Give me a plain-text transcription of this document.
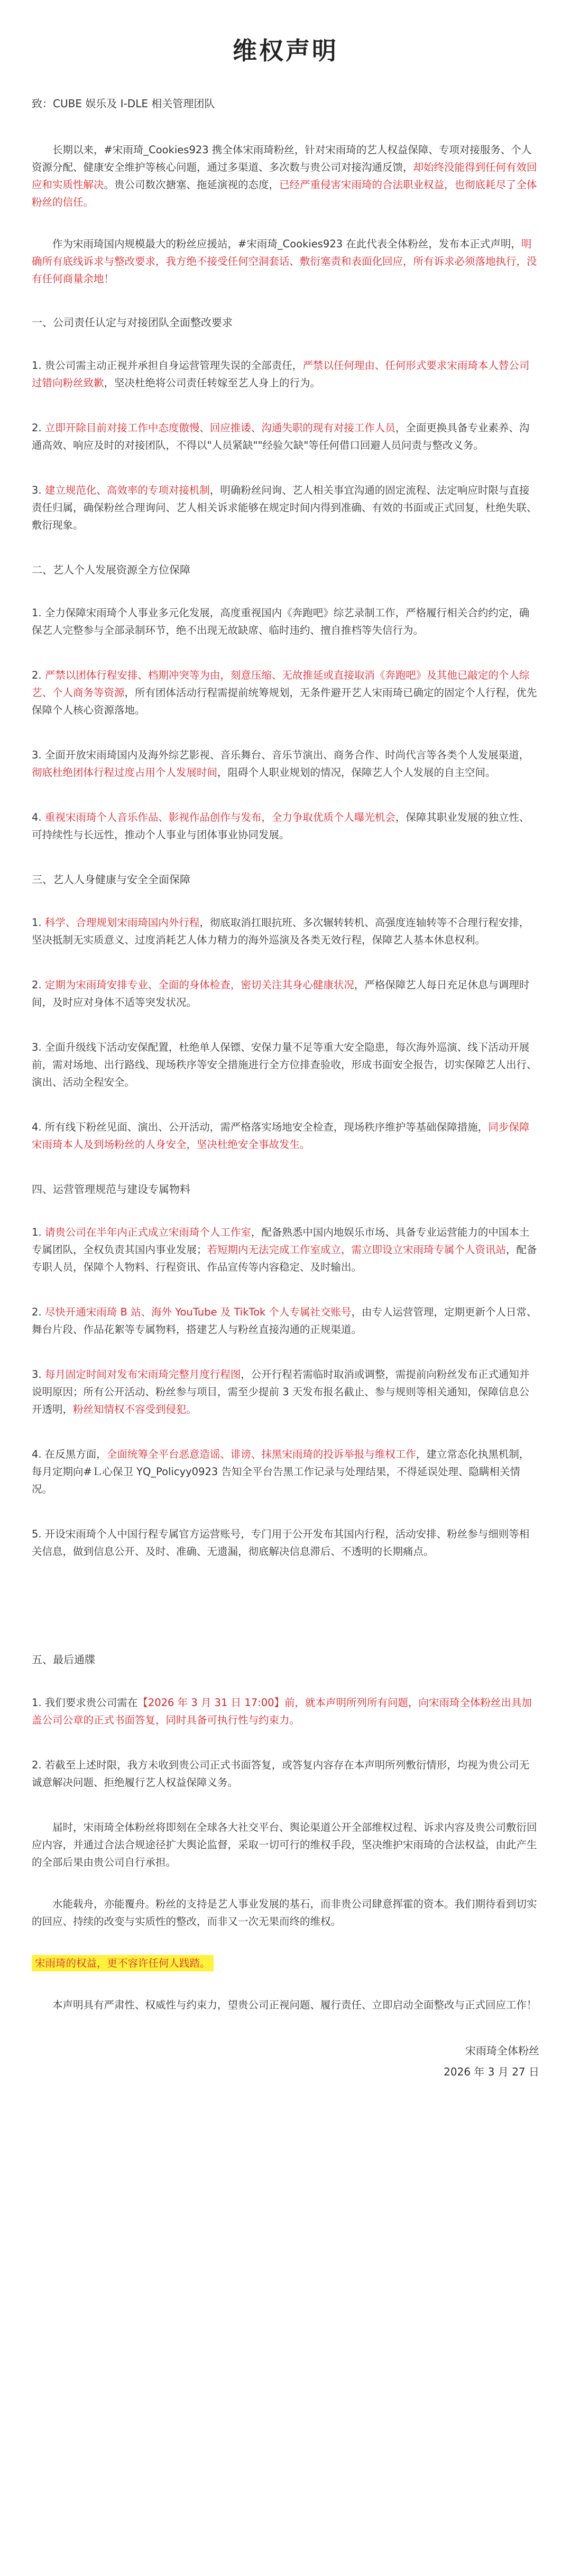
维权声明
致：CUBE 娱乐及 I-DLE 相关管理团队

长期以来，#宋雨琦_Cookies923 携全体宋雨琦粉丝，针对宋雨琦的艺人权益保障、专项对接服务、个人资源分配、健康安全维护等核心问题，通过多渠道、多次数与贵公司对接沟通反馈，却始终没能得到任何有效回应和实质性解决。贵公司数次搪塞、拖延演视的态度，已经严重侵害宋雨琦的合法职业权益，也彻底耗尽了全体粉丝的信任。

作为宋雨琦国内规模最大的粉丝应援站，#宋雨琦_Cookies923 在此代表全体粉丝，发布本正式声明，明确所有底线诉求与整改要求，我方绝不接受任何空洞套话、敷衍塞责和表面化回应，所有诉求必须落地执行，没有任何商量余地！

一、公司责任认定与对接团队全面整改要求

1. 贵公司需主动正视并承担自身运营管理失误的全部责任，严禁以任何理由、任何形式要求宋雨琦本人替公司过错向粉丝致歉，坚决杜绝将公司责任转嫁至艺人身上的行为。

2. 立即开除目前对接工作中态度傲慢、回应推诿、沟通失职的现有对接工作人员，全面更换具备专业素养、沟通高效、响应及时的对接团队，不得以"人员紧缺""经验欠缺"等任何借口回避人员问责与整改义务。

3. 建立规范化、高效率的专项对接机制，明确粉丝问询、艺人相关事宜沟通的固定流程、法定响应时限与直接责任归属，确保粉丝合理询问、艺人相关诉求能够在规定时间内得到准确、有效的书面或正式回复，杜绝失联、敷衍现象。

二、艺人个人发展资源全方位保障

1. 全力保障宋雨琦个人事业多元化发展，高度重视国内《奔跑吧》综艺录制工作，严格履行相关合约约定，确保艺人完整参与全部录制环节，绝不出现无故缺席、临时违约、擅自推档等失信行为。

2. 严禁以团体行程安排、档期冲突等为由，刻意压缩、无故推延或直接取消《奔跑吧》及其他已敲定的个人综艺、个人商务等资源，所有团体活动行程需提前统筹规划，无条件避开艺人宋雨琦已确定的固定个人行程，优先保障个人核心资源落地。

3. 全面开放宋雨琦国内及海外综艺影视、音乐舞台、音乐节演出、商务合作、时尚代言等各类个人发展渠道，彻底杜绝团体行程过度占用个人发展时间，阻碍个人职业规划的情况，保障艺人个人发展的自主空间。

4. 重视宋雨琦个人音乐作品、影视作品创作与发布，全力争取优质个人曝光机会，保障其职业发展的独立性、可持续性与长远性，推动个人事业与团体事业协同发展。

三、艺人人身健康与安全全面保障

1. 科学、合理规划宋雨琦国内外行程，彻底取消扛眼抗班、多次辗转转机、高强度连轴转等不合理行程安排，坚决抵制无实质意义、过度消耗艺人体力精力的海外巡演及各类无效行程，保障艺人基本休息权利。

2. 定期为宋雨琦安排专业、全面的身体检查，密切关注其身心健康状况，严格保障艺人每日充足休息与调理时间，及时应对身体不适等突发状况。

3. 全面升级线下活动安保配置，杜绝单人保镖、安保力量不足等重大安全隐患，每次海外巡演、线下活动开展前，需对场地、出行路线、现场秩序等安全措施进行全方位排查验收，形成书面安全报告，切实保障艺人出行、演出、活动全程安全。

4. 所有线下粉丝见面、演出、公开活动，需严格落实场地安全检查，现场秩序维护等基础保障措施，同步保障宋雨琦本人及到场粉丝的人身安全，坚决杜绝安全事故发生。

四、运营管理规范与建设专属物料

1. 请贵公司在半年内正式成立宋雨琦个人工作室，配备熟悉中国内地娱乐市场、具备专业运营能力的中国本土专属团队，全权负责其国内事业发展；若短期内无法完成工作室成立，需立即设立宋雨琦专属个人资讯站，配备专职人员，保障个人物料、行程资讯、作品宣传等内容稳定、及时输出。

2. 尽快开通宋雨琦 B 站、海外 YouTube 及 TikTok 个人专属社交账号，由专人运营管理，定期更新个人日常、舞台片段、作品花絮等专属物料，搭建艺人与粉丝直接沟通的正规渠道。

3. 每月固定时间对发布宋雨琦完整月度行程图，公开行程若需临时取消或调整，需提前向粉丝发布正式通知并说明原因；所有公开活动、粉丝参与项目，需至少提前 3 天发布报名截止、参与规则等相关通知，保障信息公开透明，粉丝知情权不容受到侵犯。

4. 在反黑方面，全面统筹全平台恶意造谣、诽谤、抹黑宋雨琦的投诉举报与维权工作，建立常态化执黑机制，每月定期向#Ｌ心保卫 YQ_Policyy0923 告知全平台告黑工作记录与处理结果，不得延误处理、隐瞒相关情况。

5. 开设宋雨琦个人中国行程专属官方运营账号，专门用于公开发布其国内行程，活动安排、粉丝参与细则等相关信息，做到信息公开、及时、准确、无遗漏，彻底解决信息滞后、不透明的长期痛点。

五、最后通牒

1. 我们要求贵公司需在【2026 年 3 月 31 日 17:00】前，就本声明所列所有问题，向宋雨琦全体粉丝出具加盖公司公章的正式书面答复，同时具备可执行性与约束力。

2. 若截至上述时限，我方未收到贵公司正式书面答复，或答复内容存在本声明所列敷衍情形，均视为贵公司无诚意解决问题、拒绝履行艺人权益保障义务。

届时，宋雨琦全体粉丝将即刻在全球各大社交平台、舆论渠道公开全部维权过程、诉求内容及贵公司敷衍回应内容，并通过合法合规途径扩大舆论监督，采取一切可行的维权手段，坚决维护宋雨琦的合法权益，由此产生的全部后果由贵公司自行承担。

水能载舟，亦能覆舟。粉丝的支持是艺人事业发展的基石，而非贵公司肆意挥霍的资本。我们期待看到切实的回应、持续的改变与实质性的整改，而非又一次无果而终的维权。

宋雨琦的权益，更不容许任何人践踏。

本声明具有严肃性、权威性与约束力，望贵公司正视问题、履行责任、立即启动全面整改与正式回应工作！

宋雨琦全体粉丝
2026 年 3 月 27 日
